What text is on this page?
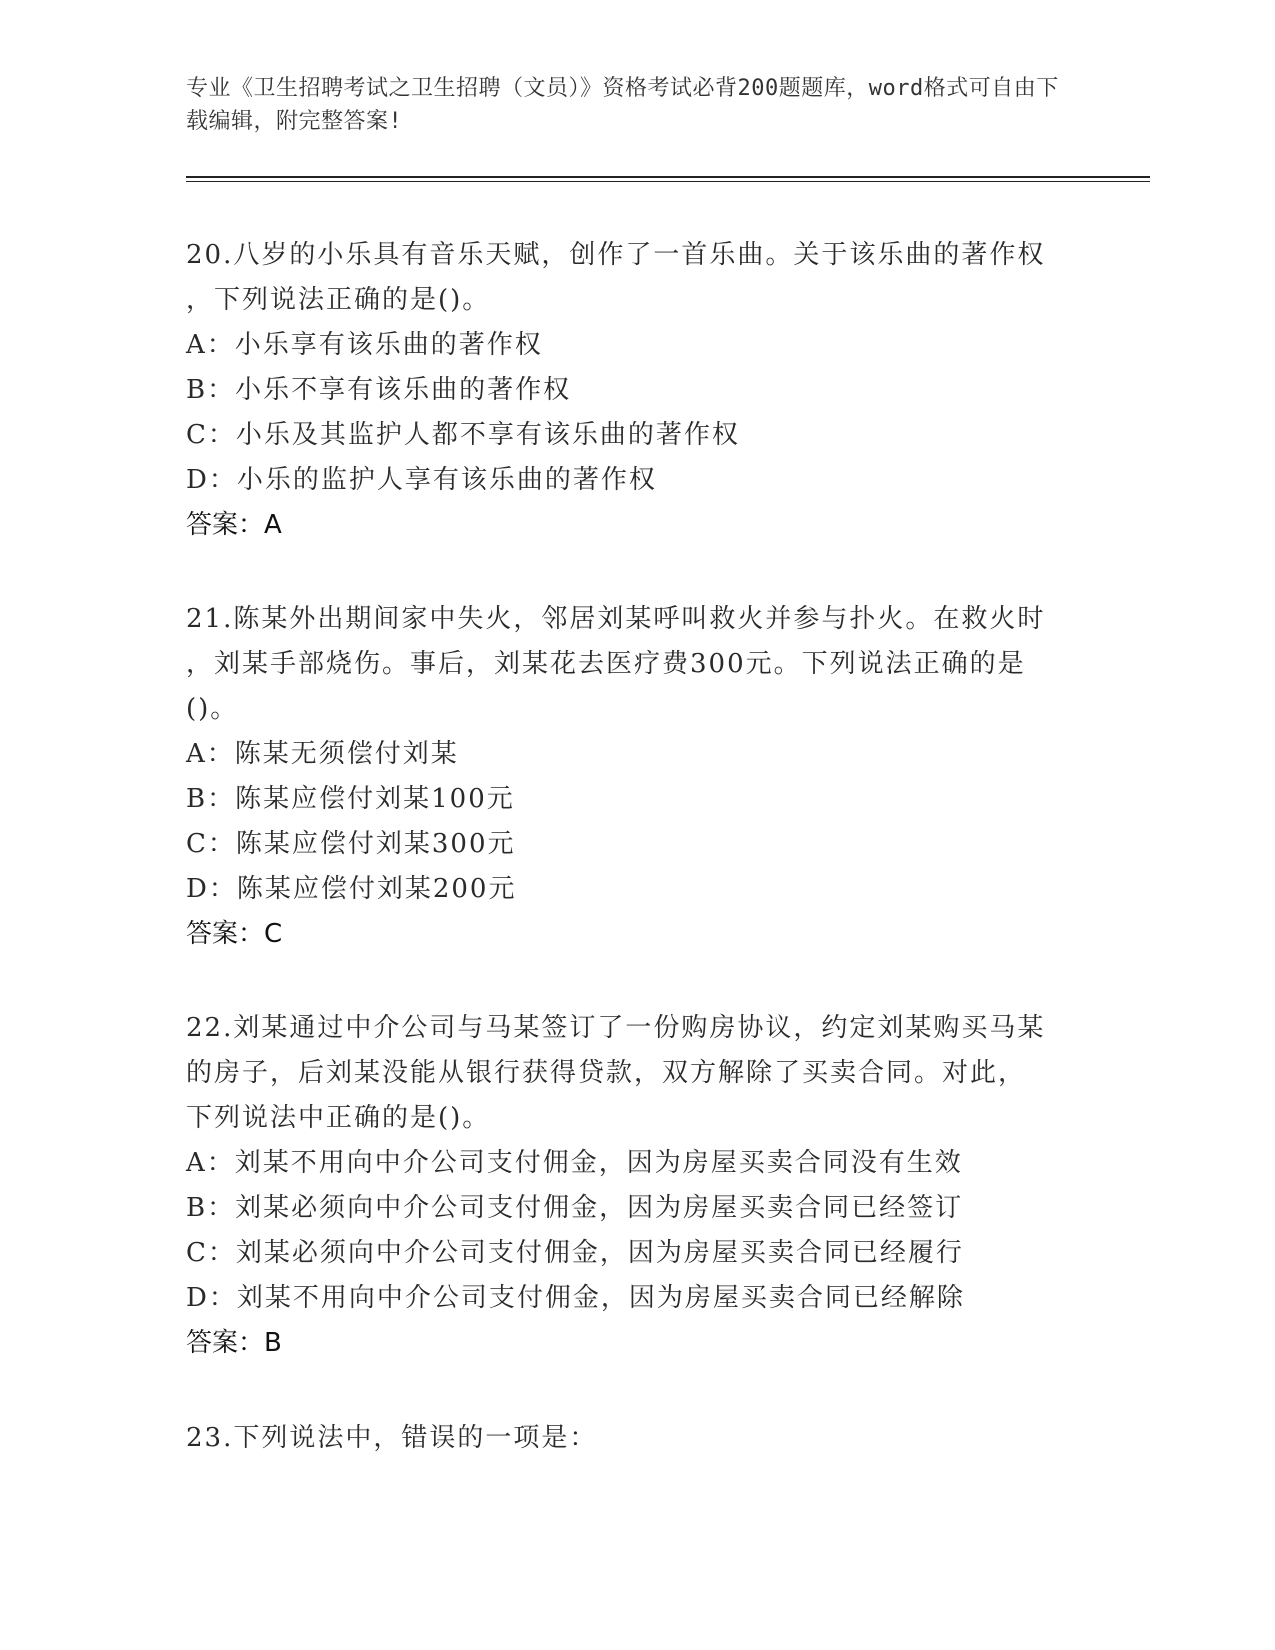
专业《卫生招聘考试之卫生招聘（文员）》资格考试必背200题题库，word格式可自由下载编辑，附完整答案!

20.八岁的小乐具有音乐天赋，创作了一首乐曲。关于该乐曲的著作权
，下列说法正确的是()。

A：小乐享有该乐曲的著作权

B：小乐不享有该乐曲的著作权

C：小乐及其监护人都不享有该乐曲的著作权

D：小乐的监护人享有该乐曲的著作权

答案：A

21.陈某外出期间家中失火，邻居刘某呼叫救火并参与扑火。在救火时
，刘某手部烧伤。事后，刘某花去医疗费300元。下列说法正确的是
()。

A：陈某无须偿付刘某

B：陈某应偿付刘某100元

C：陈某应偿付刘某300元

D：陈某应偿付刘某200元

答案：C

22.刘某通过中介公司与马某签订了一份购房协议，约定刘某购买马某
的房子，后刘某没能从银行获得贷款，双方解除了买卖合同。对此，
下列说法中正确的是()。

A：刘某不用向中介公司支付佣金，因为房屋买卖合同没有生效

B：刘某必须向中介公司支付佣金，因为房屋买卖合同已经签订

C：刘某必须向中介公司支付佣金，因为房屋买卖合同已经履行

D：刘某不用向中介公司支付佣金，因为房屋买卖合同已经解除

答案：B

23.下列说法中，错误的一项是：
